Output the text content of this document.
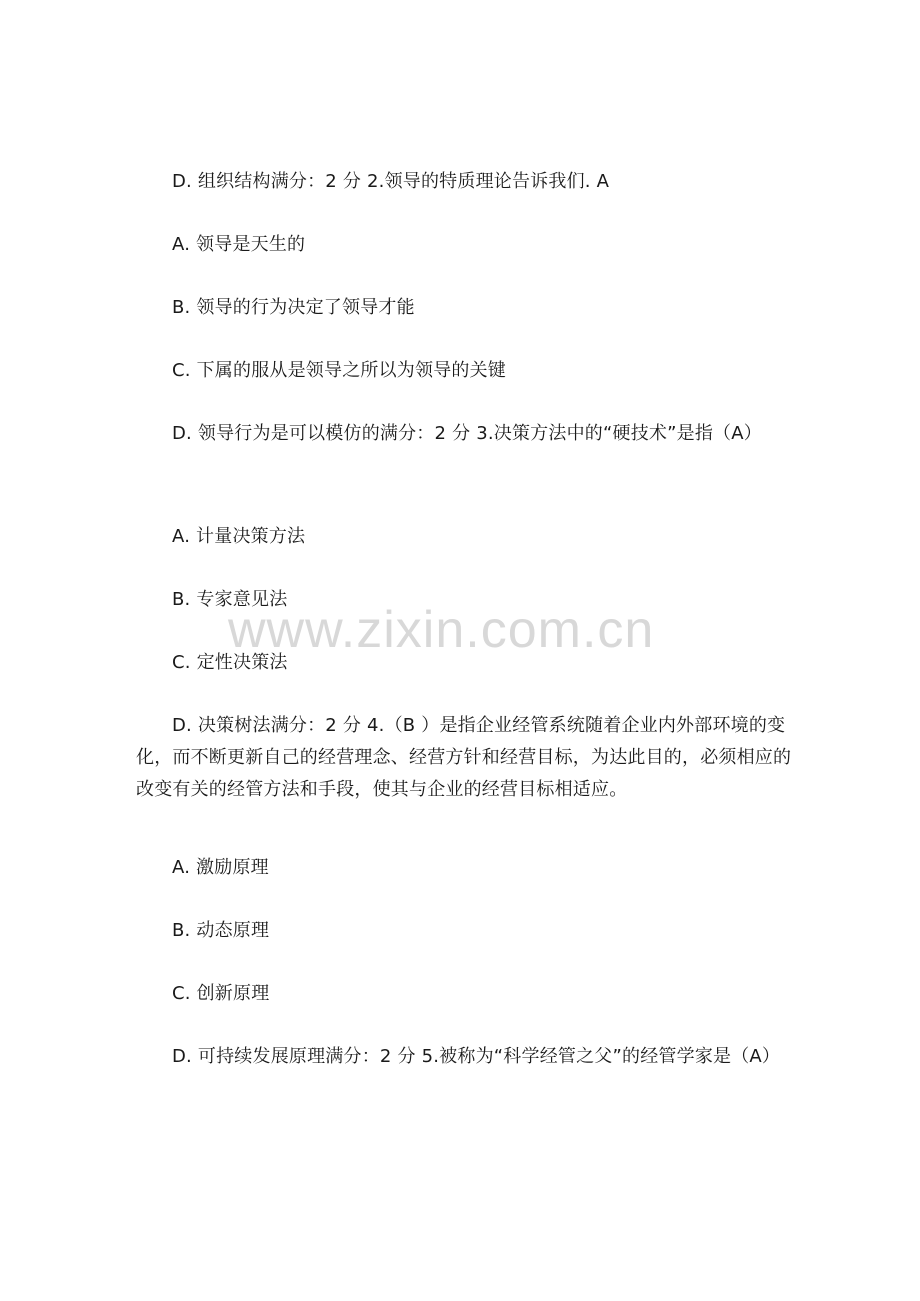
www.zixin.com.cn
D. 组织结构满分：2 分 2.领导的特质理论告诉我们. A
A. 领导是天生的
B. 领导的行为决定了领导才能
C. 下属的服从是领导之所以为领导的关键
D. 领导行为是可以模仿的满分：2 分 3.决策方法中的“硬技术”是指（A）
A. 计量决策方法
B. 专家意见法
C. 定性决策法
D. 决策树法满分：2 分 4.（B ）是指企业经管系统随着企业内外部环境的变化，而不断更新自己的经营理念、经营方针和经营目标，为达此目的，必须相应的改变有关的经管方法和手段，使其与企业的经营目标相适应。
A. 激励原理
B. 动态原理
C. 创新原理
D. 可持续发展原理满分：2 分 5.被称为“科学经管之父”的经管学家是（A）
